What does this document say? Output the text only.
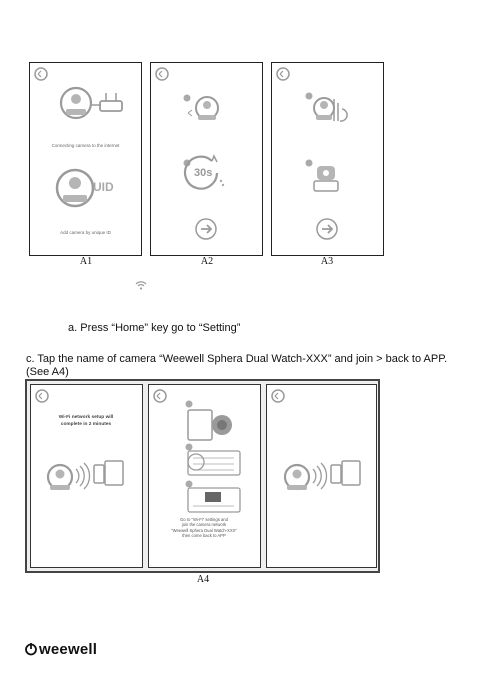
Connecting camera to the internet
UID
Add camera by unique ID
A1
30s
A2	A3
a. Press “Home” key go to “Setting”
c. Tap the name of camera “Weewell Sphera Dual Watch-XXX” and join > back to APP.
(See A4)
Wi-Fi network setup will
complete in 2 minutes
Go to "Wi-Fi" settings and
join the camera network
"Weewell Sphera Dual Watch-XXX"
then come back to APP
A4
weewell
